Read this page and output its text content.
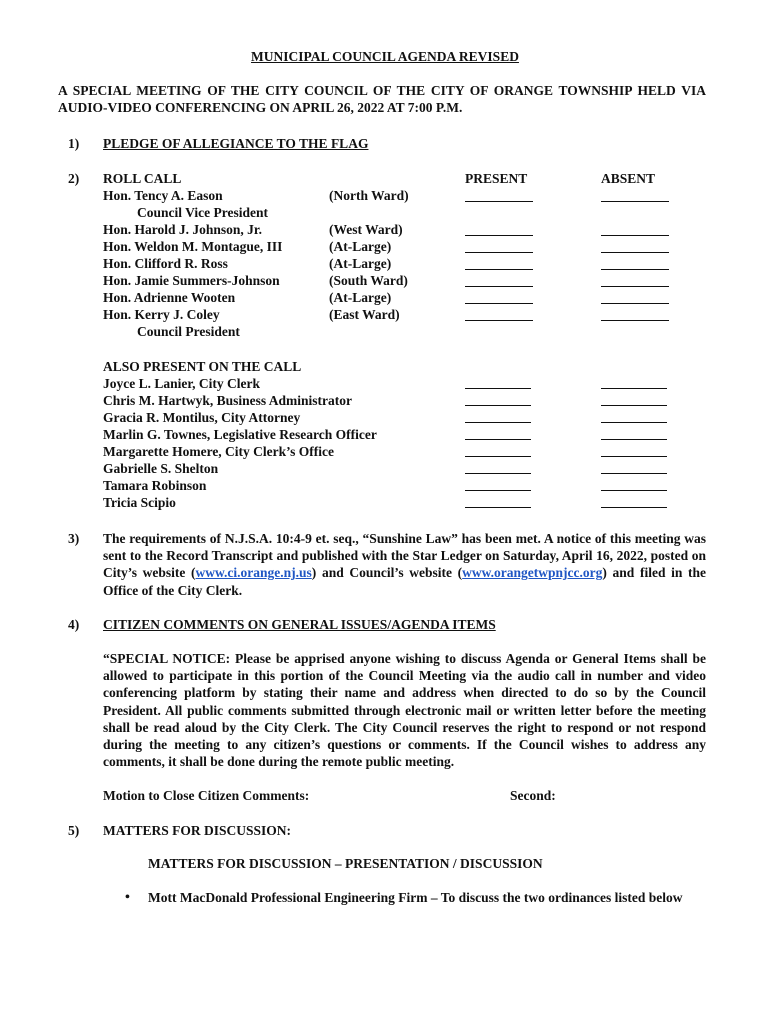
MUNICIPAL COUNCIL AGENDA REVISED
A SPECIAL MEETING OF THE CITY COUNCIL OF THE CITY OF ORANGE TOWNSHIP HELD VIA AUDIO-VIDEO CONFERENCING ON APRIL 26, 2022 AT 7:00 P.M.
1) PLEDGE OF ALLEGIANCE TO THE FLAG
2) ROLL CALL	PRESENT	ABSENT
Hon. Tency A. Eason	(North Ward)
Council Vice President
Hon. Harold J. Johnson, Jr.	(West Ward)
Hon. Weldon M. Montague, III	(At-Large)
Hon. Clifford R. Ross	(At-Large)
Hon. Jamie Summers-Johnson	(South Ward)
Hon. Adrienne Wooten	(At-Large)
Hon. Kerry J. Coley	(East Ward)
Council President
ALSO PRESENT ON THE CALL
Joyce L. Lanier, City Clerk
Chris M. Hartwyk, Business Administrator
Gracia R. Montilus, City Attorney
Marlin G. Townes, Legislative Research Officer
Margarette Homere, City Clerk’s Office
Gabrielle S. Shelton
Tamara Robinson
Tricia Scipio
3) The requirements of N.J.S.A. 10:4-9 et. seq., “Sunshine Law” has been met. A notice of this meeting was sent to the Record Transcript and published with the Star Ledger on Saturday, April 16, 2022, posted on City’s website (www.ci.orange.nj.us) and Council’s website (www.orangetwpnjcc.org) and filed in the Office of the City Clerk.
4) CITIZEN COMMENTS ON GENERAL ISSUES/AGENDA ITEMS
“SPECIAL NOTICE: Please be apprised anyone wishing to discuss Agenda or General Items shall be allowed to participate in this portion of the Council Meeting via the audio call in number and video conferencing platform by stating their name and address when directed to do so by the Council President. All public comments submitted through electronic mail or written letter before the meeting shall be read aloud by the City Clerk. The City Council reserves the right to respond or not respond during the meeting to any citizen’s questions or comments. If the Council wishes to address any comments, it shall be done during the remote public meeting.
Motion to Close Citizen Comments:	Second:
5) MATTERS FOR DISCUSSION:
MATTERS FOR DISCUSSION – PRESENTATION / DISCUSSION
• Mott MacDonald Professional Engineering Firm – To discuss the two ordinances listed below
